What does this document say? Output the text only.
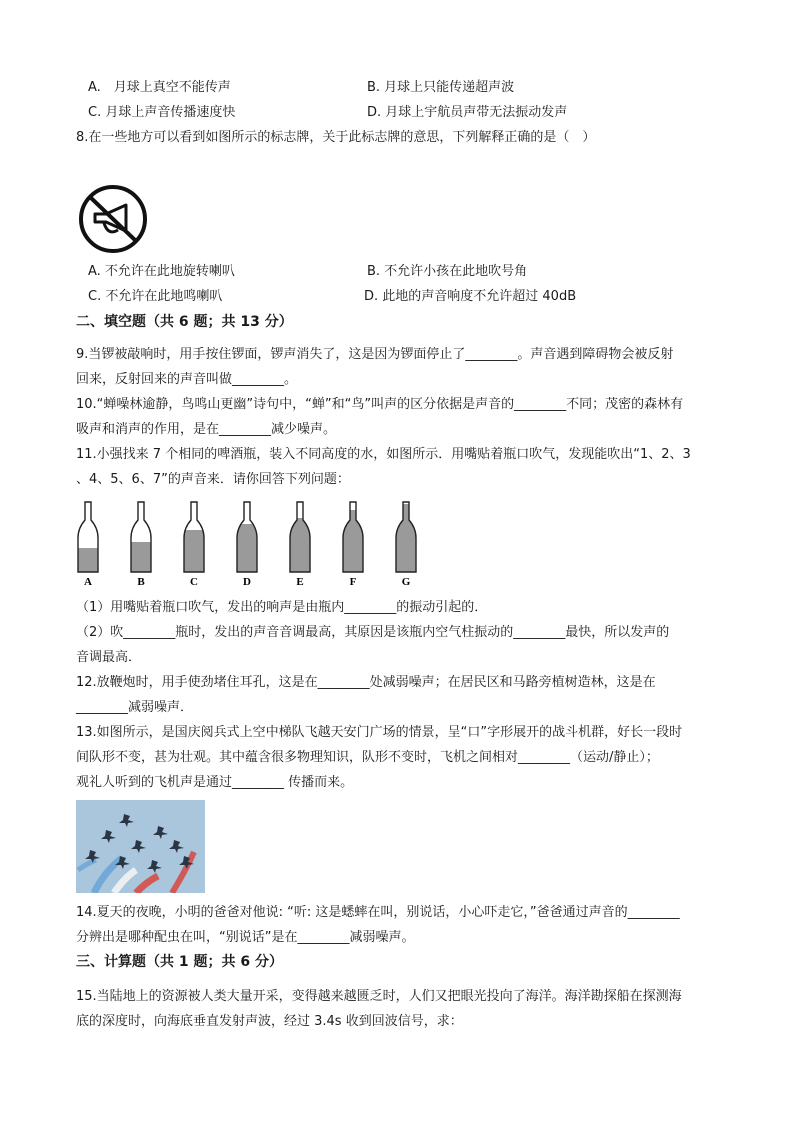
A.　月球上真空不能传声	B. 月球上只能传递超声波
C. 月球上声音传播速度快	D. 月球上宇航员声带无法振动发声
8.在一些地方可以看到如图所示的标志牌，关于此标志牌的意思，下列解释正确的是（　）
A. 不允许在此地旋转喇叭	B. 不允许小孩在此地吹号角
C. 不允许在此地鸣喇叭	D. 此地的声音响度不允许超过 40dB
二、填空题（共 6 题；共 13 分）
9.当锣被敲响时，用手按住锣面，锣声消失了，这是因为锣面停止了________。声音遇到障碍物会被反射
回来，反射回来的声音叫做________。
10.“蝉噪林逾静，鸟鸣山更幽”诗句中，“蝉”和“鸟”叫声的区分依据是声音的________不同；茂密的森林有
吸声和消声的作用，是在________减少噪声。
11.小强找来 7 个相同的啤酒瓶，装入不同高度的水，如图所示．用嘴贴着瓶口吹气，发现能吹出“1、2、3
、4、5、6、7”的声音来．请你回答下列问题：
A	B	C	D	E	F	G
（1）用嘴贴着瓶口吹气，发出的响声是由瓶内________的振动引起的．
（2）吹________瓶时，发出的声音音调最高，其原因是该瓶内空气柱振动的________最快，所以发声的
音调最高．
12.放鞭炮时，用手使劲堵住耳孔，这是在________处减弱噪声；在居民区和马路旁植树造林，这是在
________减弱噪声．
13.如图所示，是国庆阅兵式上空中梯队飞越天安门广场的情景，呈“口”字形展开的战斗机群，好长一段时
间队形不变，甚为壮观。其中蕴含很多物理知识，队形不变时，飞机之间相对________（运动/静止）；
观礼人听到的飞机声是通过________ 传播而来。
14.夏天的夜晚，小明的爸爸对他说: “听: 这是蟋蟀在叫，别说话，小心吓走它，”爸爸通过声音的________
分辨出是哪种配虫在叫，“别说话”是在________减弱噪声。
三、计算题（共 1 题；共 6 分）
15.当陆地上的资源被人类大量开采，变得越来越匮乏时，人们又把眼光投向了海洋。海洋勘探船在探测海
底的深度时，向海底垂直发射声波，经过 3.4s 收到回波信号，求：
